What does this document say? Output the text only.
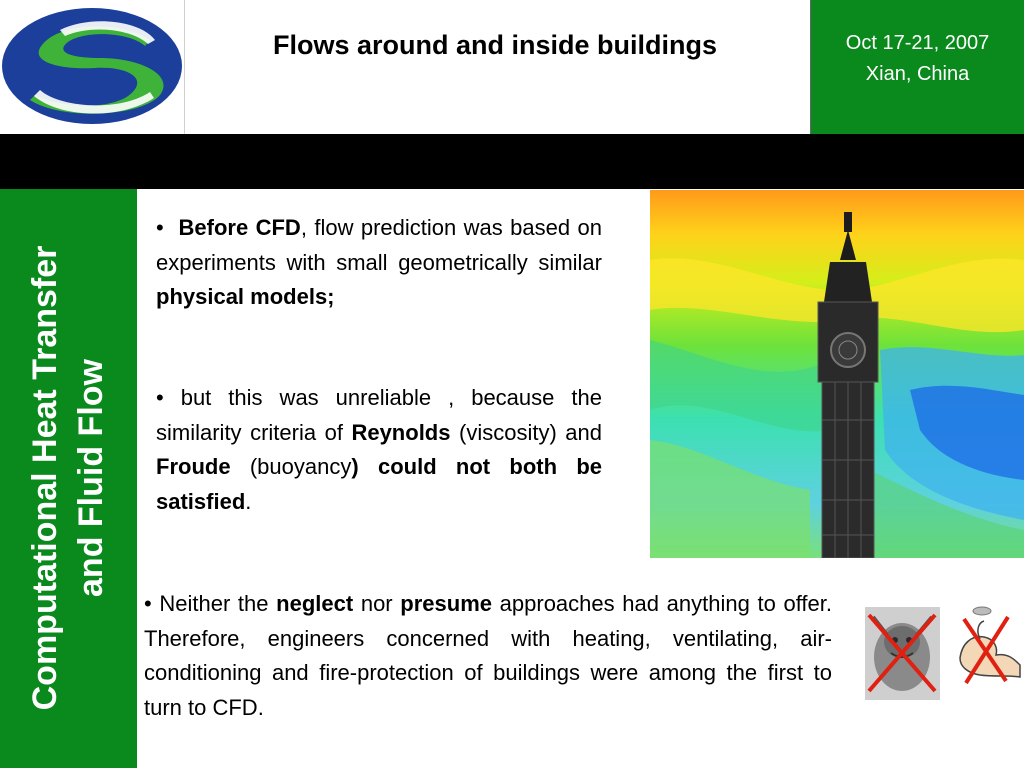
Flows around and inside buildings	Oct 17-21, 2007
Xian, China
Computational Heat Transfer and Fluid Flow
• Before CFD, flow prediction was based on experiments with small geometrically similar physical models;
• but this was unreliable , because the similarity criteria of Reynolds (viscosity) and Froude (buoyancy) could not both be satisfied.
• Neither the neglect nor presume approaches had anything to offer. Therefore, engineers concerned with heating, ventilating, air-conditioning and fire-protection of buildings were among the first to turn to CFD.
